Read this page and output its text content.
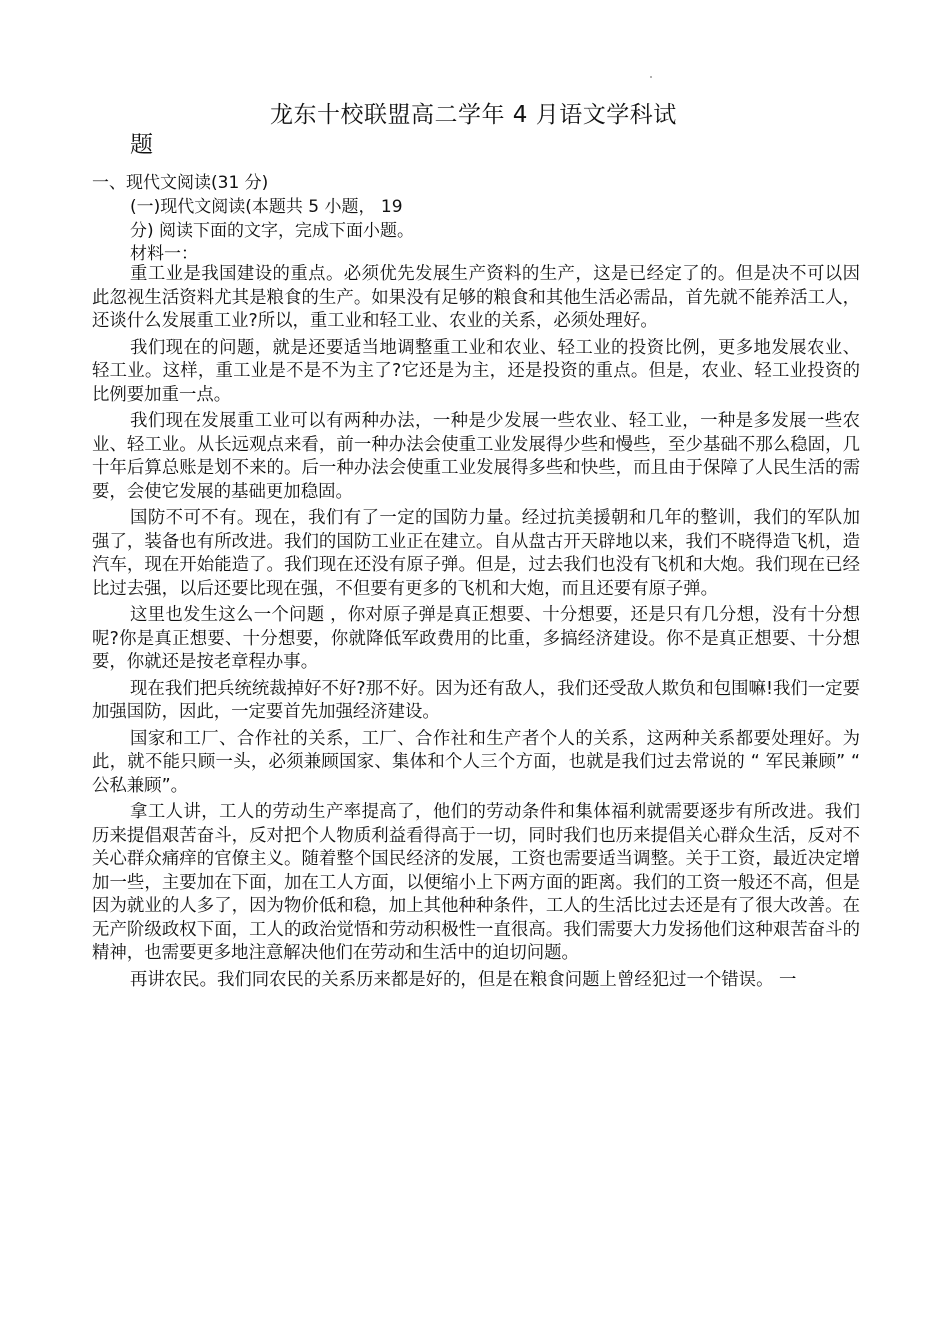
龙东十校联盟高二学年 4 月语文学科试
题
一、现代文阅读(31 分)
(一)现代文阅读(本题共 5 小题， 19
分) 阅读下面的文字，完成下面小题。
材料一：

重工业是我国建设的重点。必须优先发展生产资料的生产，这是已经定了的。但是决不可以因此忽视生活资料尤其是粮食的生产。如果没有足够的粮食和其他生活必需品，首先就不能养活工人，还谈什么发展重工业?所以，重工业和轻工业、农业的关系，必须处理好。

我们现在的问题，就是还要适当地调整重工业和农业、轻工业的投资比例，更多地发展农业、轻工业。这样，重工业是不是不为主了?它还是为主，还是投资的重点。但是，农业、轻工业投资的比例要加重一点。

我们现在发展重工业可以有两种办法，一种是少发展一些农业、轻工业，一种是多发展一些农业、轻工业。从长远观点来看，前一种办法会使重工业发展得少些和慢些，至少基础不那么稳固，几十年后算总账是划不来的。后一种办法会使重工业发展得多些和快些，而且由于保障了人民生活的需要，会使它发展的基础更加稳固。

国防不可不有。现在，我们有了一定的国防力量。经过抗美援朝和几年的整训，我们的军队加强了，装备也有所改进。我们的国防工业正在建立。自从盘古开天辟地以来，我们不晓得造飞机，造汽车，现在开始能造了。我们现在还没有原子弹。但是，过去我们也没有飞机和大炮。我们现在已经比过去强，以后还要比现在强，不但要有更多的飞机和大炮，而且还要有原子弹。

这里也发生这么一个问题 ，你对原子弹是真正想要、十分想要，还是只有几分想，没有十分想呢?你是真正想要、十分想要，你就降低军政费用的比重，多搞经济建设。你不是真正想要、十分想要，你就还是按老章程办事。

现在我们把兵统统裁掉好不好?那不好。因为还有敌人，我们还受敌人欺负和包围嘛!我们一定要加强国防，因此，一定要首先加强经济建设。

国家和工厂、合作社的关系，工厂、合作社和生产者个人的关系，这两种关系都要处理好。为此，就不能只顾一头，必须兼顾国家、集体和个人三个方面，也就是我们过去常说的 “ 军民兼顾” “ 公私兼顾”。

拿工人讲，工人的劳动生产率提高了，他们的劳动条件和集体福利就需要逐步有所改进。我们历来提倡艰苦奋斗，反对把个人物质利益看得高于一切，同时我们也历来提倡关心群众生活，反对不关心群众痛痒的官僚主义。随着整个国民经济的发展，工资也需要适当调整。关于工资，最近决定增加一些，主要加在下面，加在工人方面，以便缩小上下两方面的距离。我们的工资一般还不高，但是因为就业的人多了，因为物价低和稳，加上其他种种条件，工人的生活比过去还是有了很大改善。在无产阶级政权下面，工人的政治觉悟和劳动积极性一直很高。我们需要大力发扬他们这种艰苦奋斗的精神，也需要更多地注意解决他们在劳动和生活中的迫切问题。

再讲农民。我们同农民的关系历来都是好的，但是在粮食问题上曾经犯过一个错误。 一
